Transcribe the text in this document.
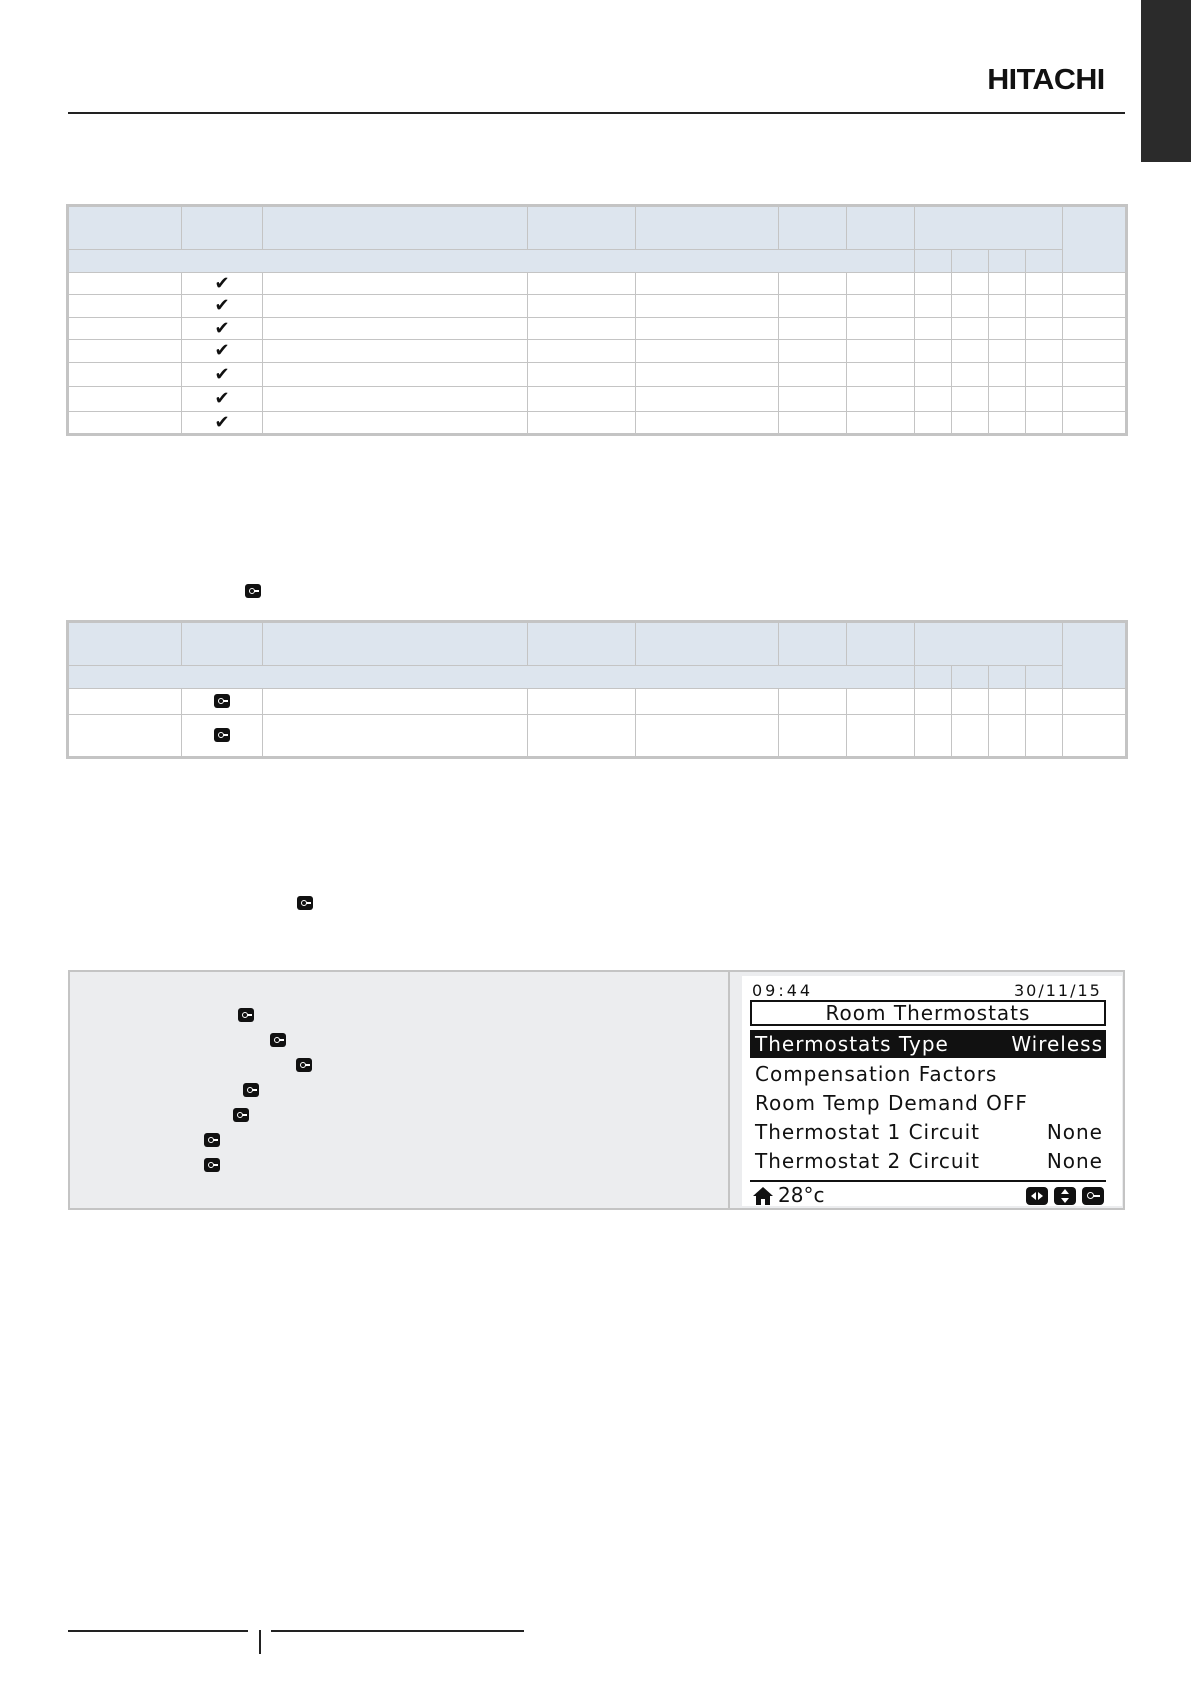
HITACHI

	✔										
	✔										
	✔										
	✔										
	✔										
	✔										
	✔										

09:44	30/11/15
Room Thermostats
Thermostats Type	Wireless
Compensation Factors
Room Temp Demand OFF
Thermostat 1 Circuit	None
Thermostat 2 Circuit	None
28°c
